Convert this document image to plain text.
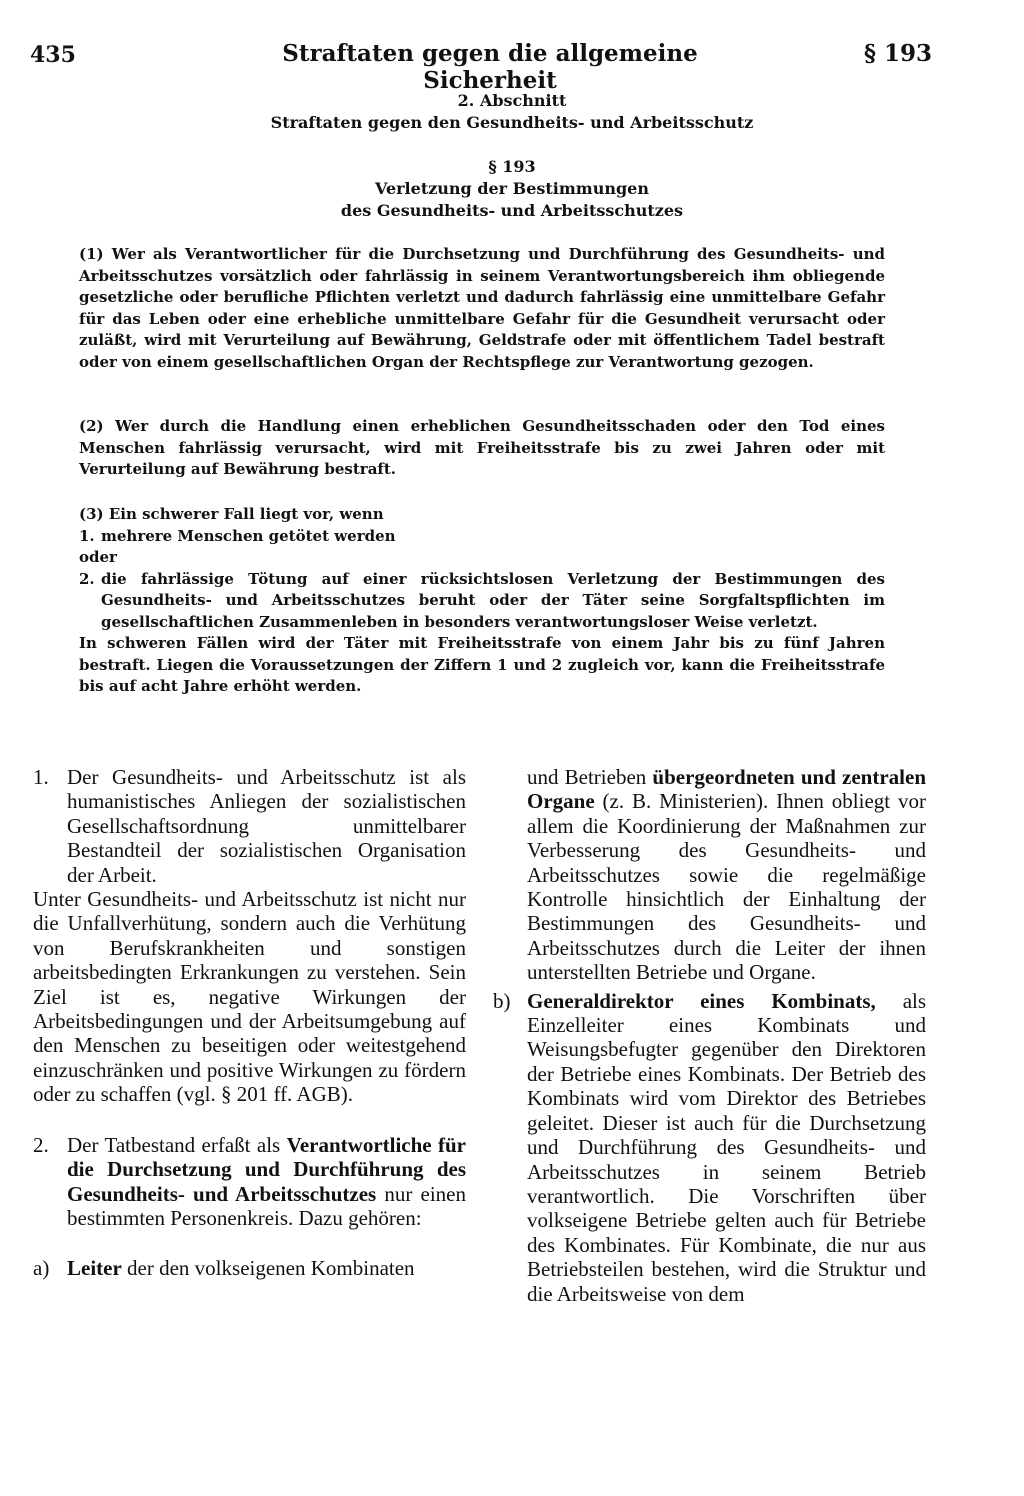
435	Straftaten gegen die allgemeine Sicherheit
§ 193
2. Abschnitt
Straftaten gegen den Gesundheits- und Arbeitsschutz
§ 193
Verletzung der Bestimmungen
des Gesundheits- und Arbeitsschutzes

(1) Wer als Verantwortlicher für die Durchsetzung und Durchführung des Gesundheits- und Arbeitsschutzes vorsätzlich oder fahrlässig in seinem Verantwortungsbereich ihm obliegende gesetzliche oder berufliche Pflichten verletzt und dadurch fahrlässig eine unmittelbare Gefahr für das Leben oder eine erhebliche unmittelbare Gefahr für die Gesundheit verursacht oder zuläßt, wird mit Verurteilung auf Bewährung, Geldstrafe oder mit öffentlichem Tadel bestraft oder von einem gesellschaftlichen Organ der Rechtspflege zur Verantwortung gezogen.

(2) Wer durch die Handlung einen erheblichen Gesundheitsschaden oder den Tod eines Menschen fahrlässig verursacht, wird mit Freiheitsstrafe bis zu zwei Jahren oder mit Verurteilung auf Bewährung bestraft.

(3) Ein schwerer Fall liegt vor, wenn

1. mehrere Menschen getötet werden

oder

2. die fahrlässige Tötung auf einer rücksichtslosen Verletzung der Bestimmungen des Gesundheits- und Arbeitsschutzes beruht oder der Täter seine Sorgfaltspflichten im gesellschaftlichen Zusammenleben in besonders verantwortungsloser Weise verletzt.

In schweren Fällen wird der Täter mit Freiheitsstrafe von einem Jahr bis zu fünf Jahren bestraft. Liegen die Voraussetzungen der Ziffern 1 und 2 zugleich vor, kann die Freiheitsstrafe bis auf acht Jahre erhöht werden.

1. Der Gesundheits- und Arbeitsschutz ist als humanistisches Anliegen der sozialistischen Gesellschaftsordnung unmittelbarer Bestandteil der sozialistischen Organisation der Arbeit.

Unter Gesundheits- und Arbeitsschutz ist nicht nur die Unfallverhütung, sondern auch die Verhütung von Berufskrankheiten und sonstigen arbeitsbedingten Erkrankungen zu verstehen. Sein Ziel ist es, negative Wirkungen der Arbeitsbedingungen und der Arbeitsumgebung auf den Menschen zu beseitigen oder weitestgehend einzuschränken und positive Wirkungen zu fördern oder zu schaffen (vgl. § 201 ff. AGB).

2. Der Tatbestand erfaßt als Verantwortliche für die Durchsetzung und Durchführung des Gesundheits- und Arbeitsschutzes nur einen bestimmten Personenkreis. Dazu gehören:

a) Leiter der den volkseigenen Kombinaten

und Betrieben übergeordneten und zentralen Organe (z. B. Ministerien). Ihnen obliegt vor allem die Koordinierung der Maßnahmen zur Verbesserung des Gesundheits- und Arbeitsschutzes sowie die regelmäßige Kontrolle hinsichtlich der Einhaltung der Bestimmungen des Gesundheits- und Arbeitsschutzes durch die Leiter der ihnen unterstellten Betriebe und Organe.

b) Generaldirektor eines Kombinats, als Einzelleiter eines Kombinats und Weisungsbefugter gegenüber den Direktoren der Betriebe eines Kombinats. Der Betrieb des Kombinats wird vom Direktor des Betriebes geleitet. Dieser ist auch für die Durchsetzung und Durchführung des Gesundheits- und Arbeitsschutzes in seinem Betrieb verantwortlich. Die Vorschriften über volkseigene Betriebe gelten auch für Betriebe des Kombinates. Für Kombinate, die nur aus Betriebsteilen bestehen, wird die Struktur und die Arbeitsweise von dem
